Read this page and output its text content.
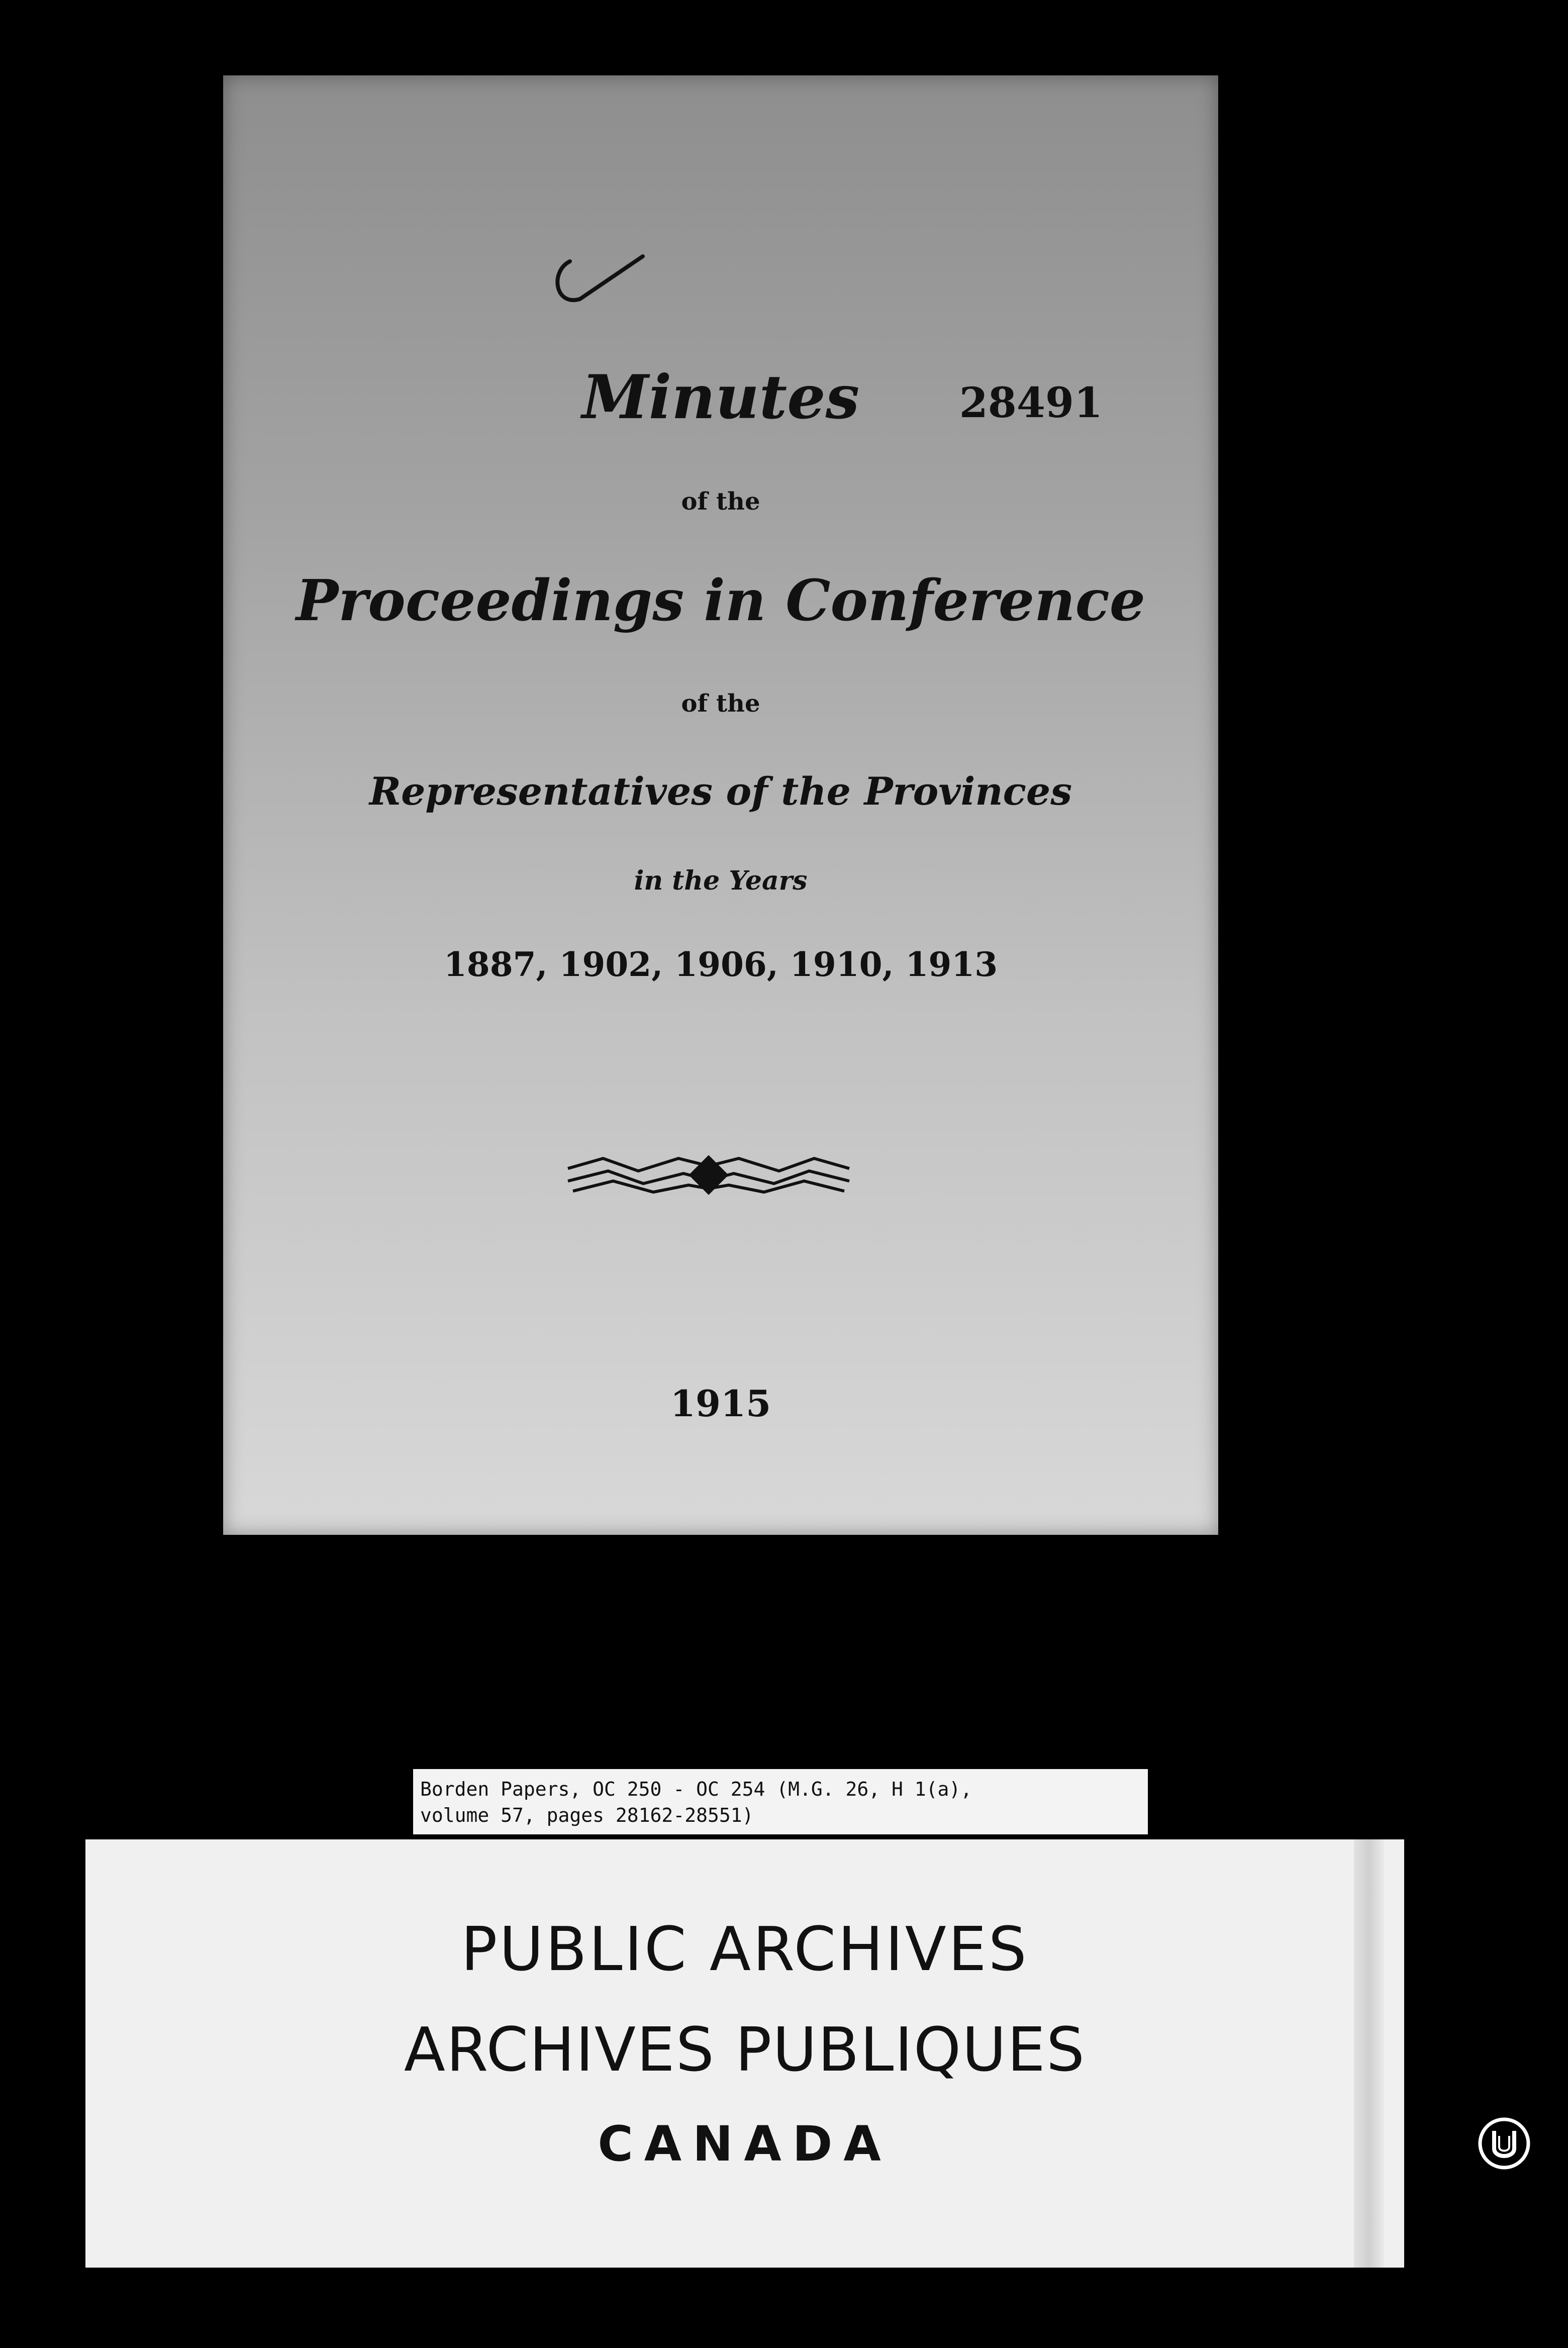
Minutes	28491
of the
Proceedings in Conference
of the
Representatives of the Provinces
in the Years
1887, 1902, 1906, 1910, 1913
1915
Borden Papers, OC 250 - OC 254 (M.G. 26, H 1(a),
volume 57, pages 28162-28551)
PUBLIC ARCHIVES
ARCHIVES PUBLIQUES
CANADA
